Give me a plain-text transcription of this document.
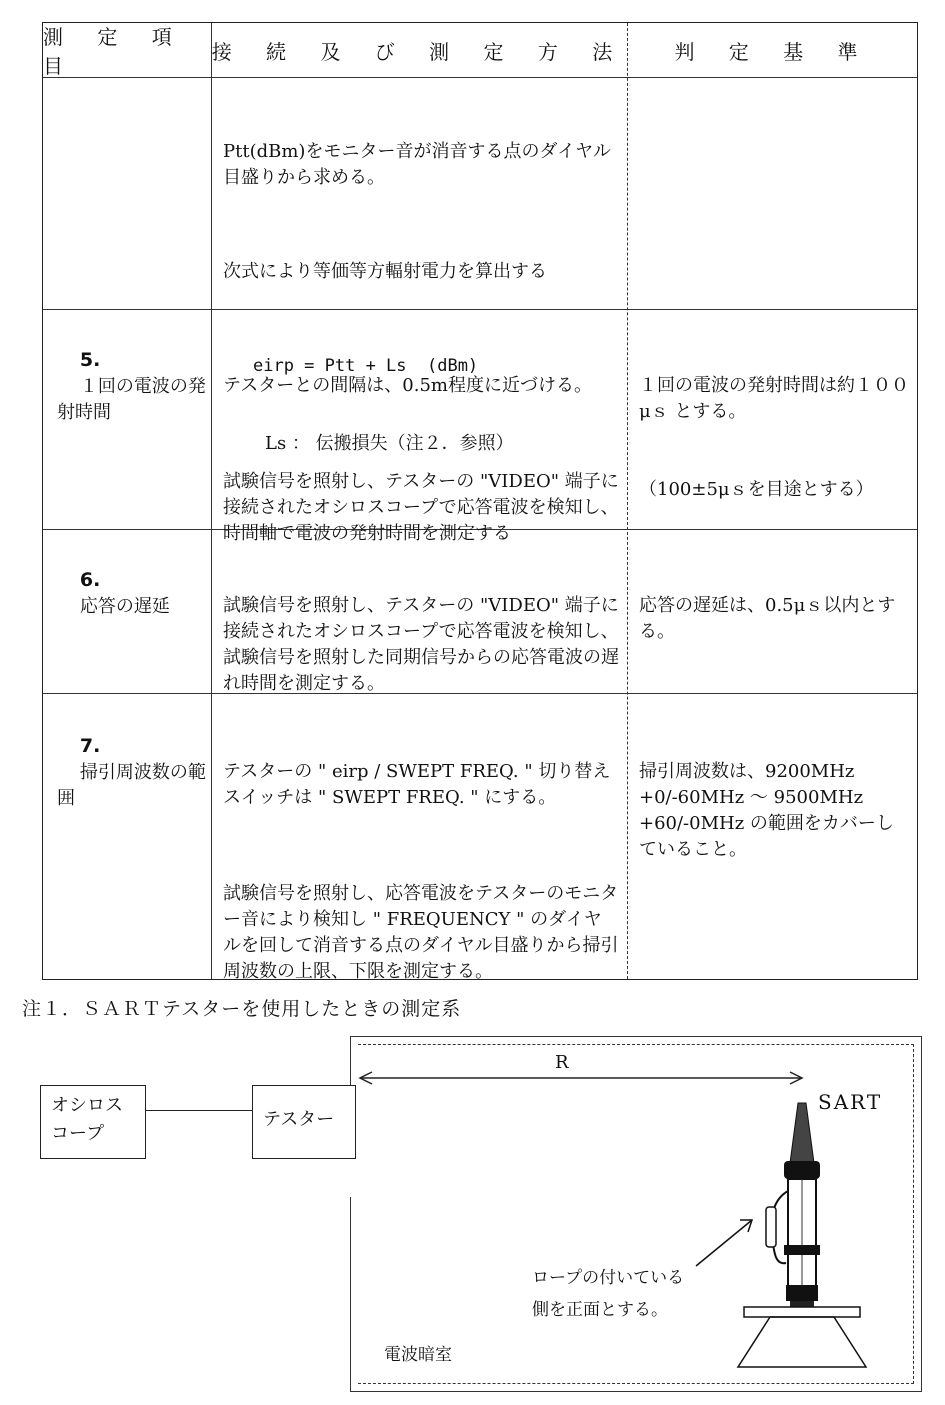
測 定 項 目
接 続 及 び 測 定 方 法	判 定 基 準

Ptt(dBm)をモニター音が消音する点のダイヤル目盛りから求める。

次式により等価等方輻射電力を算出する

eirp = Ptt + Ls  (dBm)

Ls ： 伝搬損失（注２．参照）

5.
１回の電波の発射時間

テスターとの間隔は、0.5m程度に近づける。

試験信号を照射し、テスターの "VIDEO" 端子に接続されたオシロスコープで応答電波を検知し、時間軸で電波の発射時間を測定する

１回の電波の発射時間は約１００μｓ とする。

（100±5μｓを目途とする）

6.
応答の遅延

	試験信号を照射し、テスターの "VIDEO" 端子に接続されたオシロスコープで応答電波を検知し、試験信号を照射した同期信号からの応答電波の遅れ時間を測定する。

応答の遅延は、0.5μｓ以内とする。

7.
掃引周波数の範囲

テスターの " eirp / SWEPT FREQ. " 切り替えスイッチは " SWEPT FREQ. " にする。

試験信号を照射し、応答電波をテスターのモニター音により検知し " FREQUENCY " のダイヤルを回して消音する点のダイヤル目盛りから掃引周波数の上限、下限を測定する。

掃引周波数は、9200MHz +0/-60MHz ～ 9500MHz +60/-0MHz の範囲をカバーしていること。

注１．ＳＡＲＴテスターを使用したときの測定系
R
オシロスコープ
テスター
SART
ロープの付いている
側を正面とする。
電波暗室
